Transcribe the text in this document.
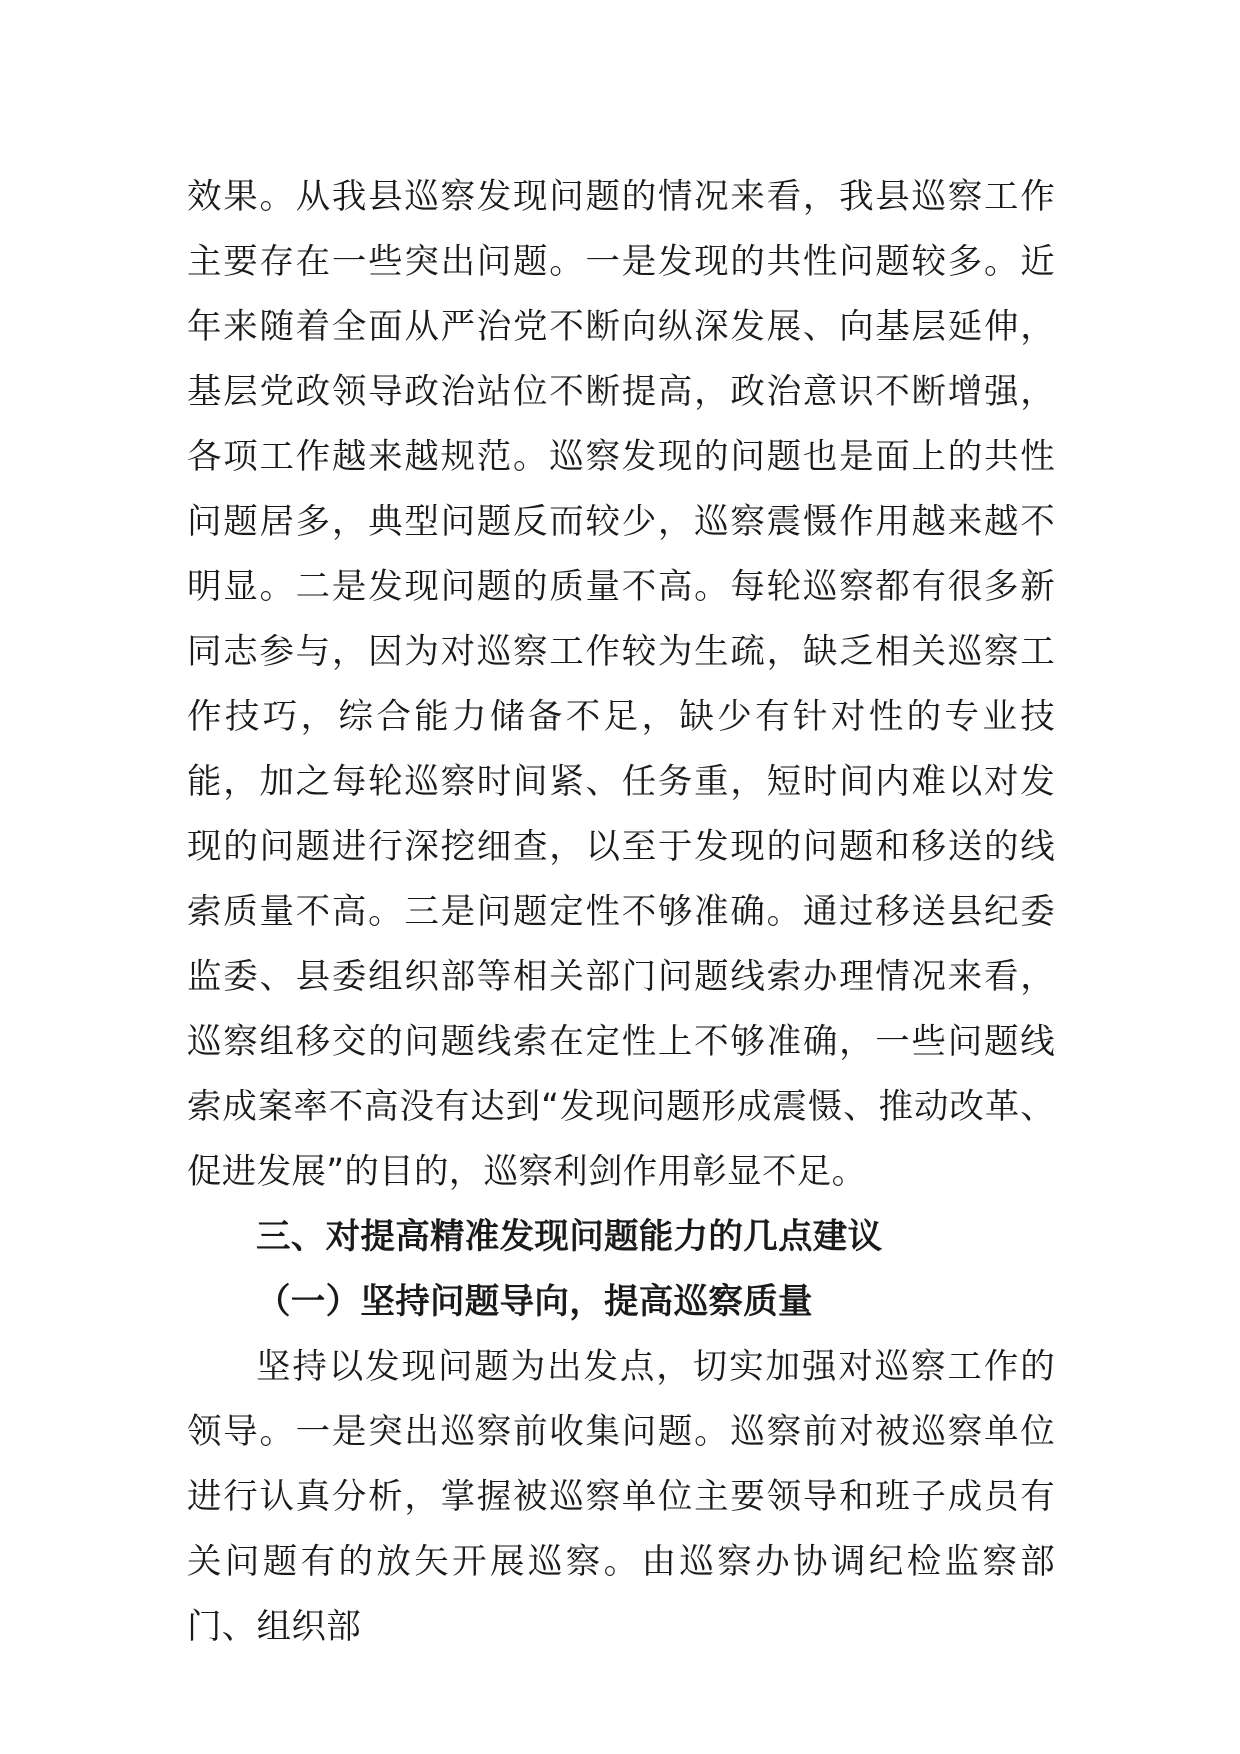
效果。从我县巡察发现问题的情况来看，我县巡察工作主要存在一些突出问题。一是发现的共性问题较多。近年来随着全面从严治党不断向纵深发展、向基层延伸，基层党政领导政治站位不断提高，政治意识不断增强，各项工作越来越规范。巡察发现的问题也是面上的共性问题居多，典型问题反而较少，巡察震慑作用越来越不明显。二是发现问题的质量不高。每轮巡察都有很多新同志参与，因为对巡察工作较为生疏，缺乏相关巡察工作技巧，综合能力储备不足，缺少有针对性的专业技能，加之每轮巡察时间紧、任务重，短时间内难以对发现的问题进行深挖细查，以至于发现的问题和移送的线索质量不高。三是问题定性不够准确。通过移送县纪委监委、县委组织部等相关部门问题线索办理情况来看，巡察组移交的问题线索在定性上不够准确，一些问题线索成案率不高没有达到“发现问题形成震慑、推动改革、促进发展”的目的，巡察利剑作用彰显不足。

三、对提高精准发现问题能力的几点建议

（一）坚持问题导向，提高巡察质量

坚持以发现问题为出发点，切实加强对巡察工作的领导。一是突出巡察前收集问题。巡察前对被巡察单位进行认真分析，掌握被巡察单位主要领导和班子成员有关问题有的放矢开展巡察。由巡察办协调纪检监察部门、组织部
